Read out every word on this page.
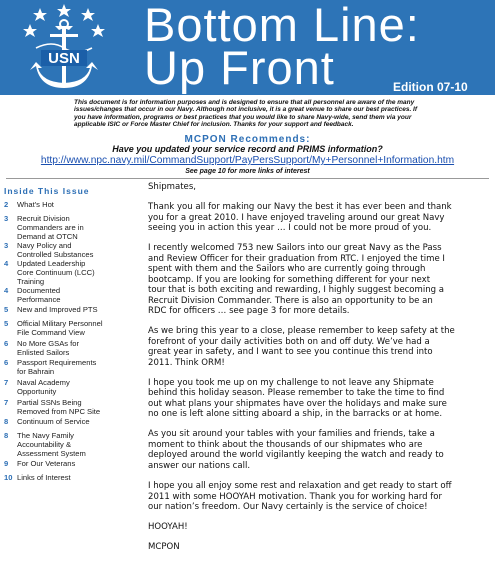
USN
Bottom Line:
Up Front	Edition 07-10
This document is for information purposes and is designed to ensure that all personnel are aware of the many
issues/changes that occur in our Navy. Although not inclusive, it is a great venue to share our best practices. If
you have information, programs or best practices that you would like to share Navy-wide, send them via your
applicable ISIC or Force Master Chief for inclusion. Thanks for your support and feedback.
MCPON Recommends:
Have you updated your service record and PRIMS information?
http://www.npc.navy.mil/CommandSupport/PayPersSupport/My+Personnel+Information.htm
See page 10 for more links of interest
Inside This Issue
2 What's Hot
3 Recruit Division
Commanders are in
Demand at OTCN
3 Navy Policy and
Controlled Substances
4 Updated Leadership
Core Continuum (LCC)
Training
4 Documented
Performance
5 New and Improved PTS
5 Official Military Personnel
File Command View
6 No More GSAs for
Enlisted Sailors
6 Passport Requirements
for Bahrain
7 Naval Academy
Opportunity
7 Partial SSNs Being
Removed from NPC Site
8 Continuum of Service
8 The Navy Family
Accountability &
Assessment System
9 For Our Veterans
10 Links of Interest

Shipmates,

Thank you all for making our Navy the best it has ever been and thank
you for a great 2010. I have enjoyed traveling around our great Navy
seeing you in action this year … I could not be more proud of you.

I recently welcomed 753 new Sailors into our great Navy as the Pass
and Review Officer for their graduation from RTC. I enjoyed the time I
spent with them and the Sailors who are currently going through
bootcamp. If you are looking for something different for your next
tour that is both exciting and rewarding, I highly suggest becoming a
Recruit Division Commander. There is also an opportunity to be an
RDC for officers … see page 3 for more details.

As we bring this year to a close, please remember to keep safety at the
forefront of your daily activities both on and off duty. We’ve had a
great year in safety, and I want to see you continue this trend into
2011. Think ORM!

I hope you took me up on my challenge to not leave any Shipmate
behind this holiday season. Please remember to take the time to find
out what plans your shipmates have over the holidays and make sure
no one is left alone sitting aboard a ship, in the barracks or at home.

As you sit around your tables with your families and friends, take a
moment to think about the thousands of our shipmates who are
deployed around the world vigilantly keeping the watch and ready to
answer our nations call.

I hope you all enjoy some rest and relaxation and get ready to start off
2011 with some HOOYAH motivation. Thank you for working hard for
our nation’s freedom. Our Navy certainly is the service of choice!

HOOYAH!

MCPON
